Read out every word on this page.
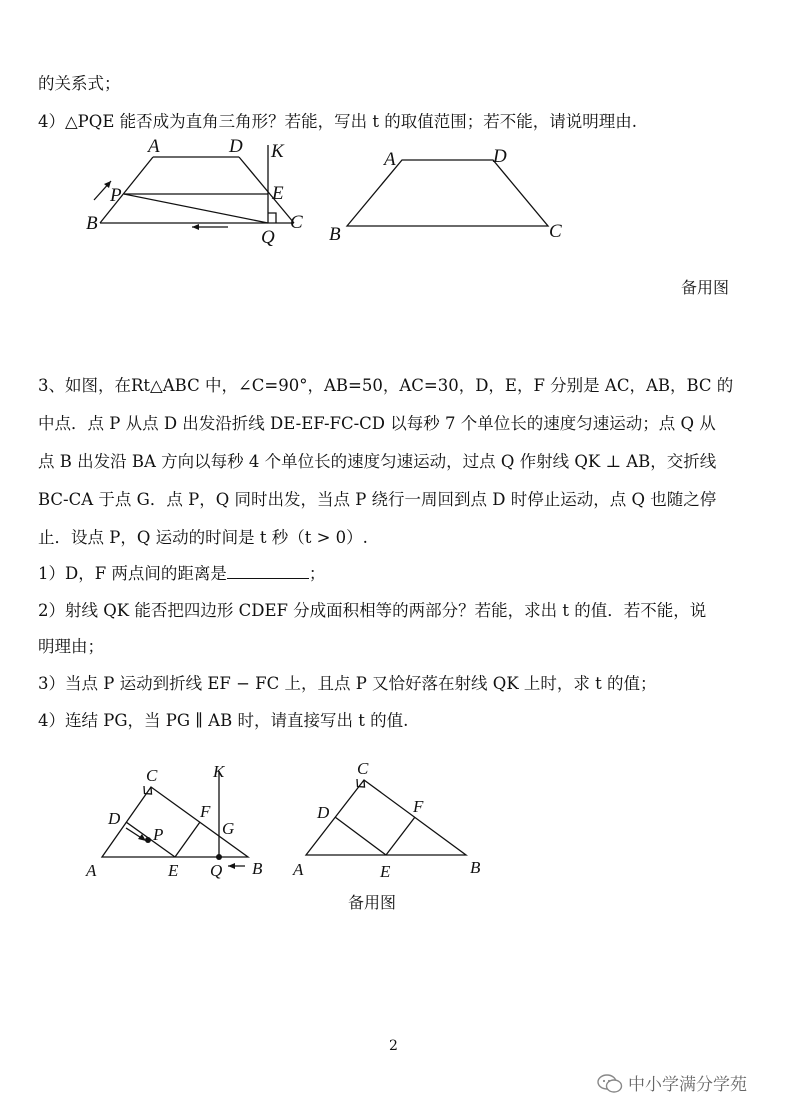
的关系式；
4）△PQE 能否成为直角三角形？若能，写出 t 的取值范围；若不能，请说明理由.
A	D K
P	E
B
Q
C
A	D
B	C
备用图
3、如图，在Rt△ABC 中，∠C=90°，AB=50，AC=30，D，E，F 分别是 AC，AB，BC 的
中点．点 P 从点 D 出发沿折线 DE-EF-FC-CD 以每秒 7 个单位长的速度匀速运动；点 Q 从
点 B 出发沿 BA 方向以每秒 4 个单位长的速度匀速运动，过点 Q 作射线 QK ⊥ AB，交折线
BC-CA 于点 G．点 P，Q 同时出发，当点 P 绕行一周回到点 D 时停止运动，点 Q 也随之停
止．设点 P，Q 运动的时间是 t 秒（t > 0）.
1）D，F 两点间的距离是	；
2）射线 QK 能否把四边形 CDEF 分成面积相等的两部分？若能，求出 t 的值．若不能，说
明理由；
3）当点 P 运动到折线 EF − FC 上，且点 P 又恰好落在射线 QK 上时，求 t 的值；
4）连结 PG，当 PG ∥ AB 时，请直接写出 t 的值.
C	K
D
P
F
G
A	E Q B
C
D	F
A	E	B
备用图
2
中小学满分学苑
